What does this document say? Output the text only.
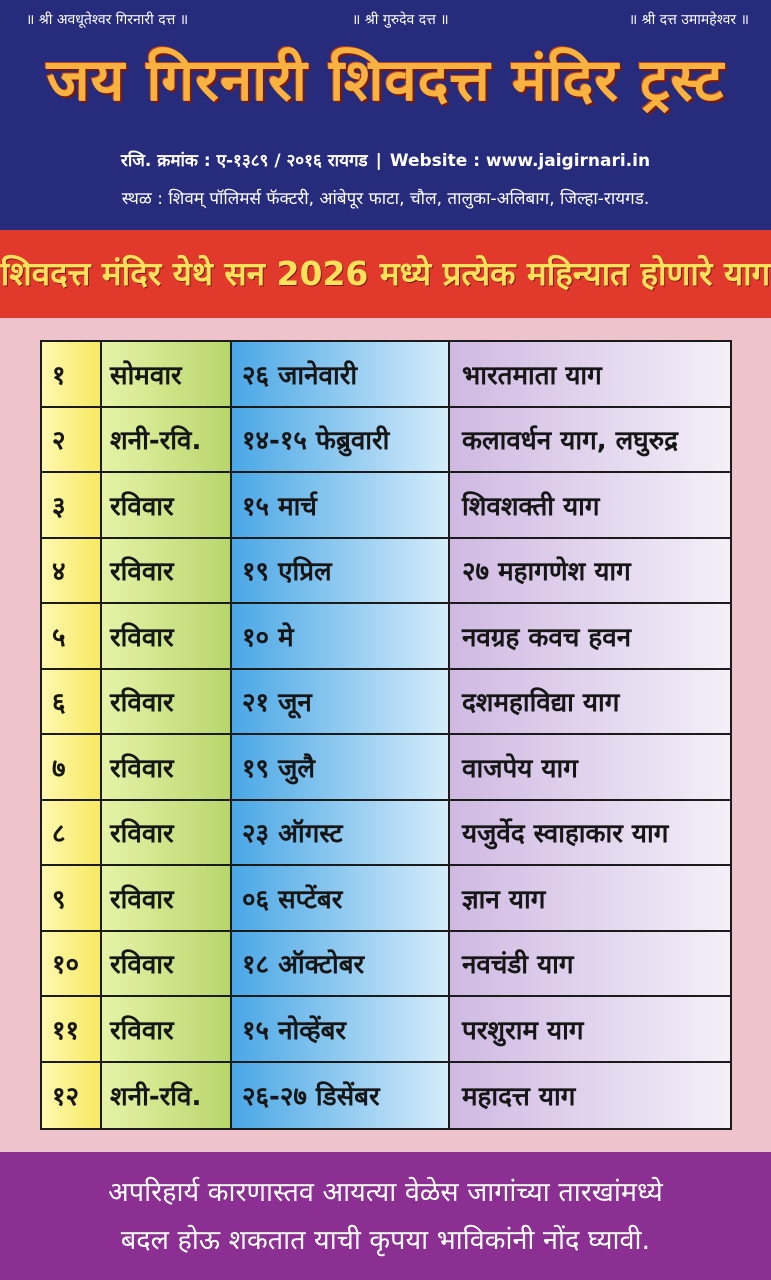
॥ श्री अवधूतेश्वर गिरनारी दत्त ॥	॥ श्री गुरुदेव दत्त ॥	॥ श्री दत्त उमामहेश्वर ॥
जय गिरनारी शिवदत्त मंदिर ट्रस्ट
रजि. क्रमांक : ए-१३८९ / २०१६ रायगड | Website : www.jaigirnari.in
स्थळ : शिवम् पॉलिमर्स फॅक्टरी, आंबेपूर फाटा, चौल, तालुका-अलिबाग, जिल्हा-रायगड.
शिवदत्त मंदिर येथे सन 2026 मध्ये प्रत्येक महिन्यात होणारे याग
१	सोमवार	२६ जानेवारी	भारतमाता याग
२	शनी-रवि.	१४-१५ फेब्रुवारी	कलावर्धन याग, लघुरुद्र
३	रविवार	१५ मार्च	शिवशक्ती याग
४	रविवार	१९ एप्रिल	२७ महागणेश याग
५	रविवार	१० मे	नवग्रह कवच हवन
६	रविवार	२१ जून	दशमहाविद्या याग
७	रविवार	१९ जुलै	वाजपेय याग
८	रविवार	२३ ऑगस्ट	यजुर्वेद स्वाहाकार याग
९	रविवार	०६ सप्टेंबर	ज्ञान याग
१०	रविवार	१८ ऑक्टोबर	नवचंडी याग
११	रविवार	१५ नोव्हेंबर	परशुराम याग
१२	शनी-रवि.	२६-२७ डिसेंबर	महादत्त याग
अपरिहार्य कारणास्तव आयत्या वेळेस जागांच्या तारखांमध्ये
बदल होऊ शकतात याची कृपया भाविकांनी नोंद घ्यावी.
